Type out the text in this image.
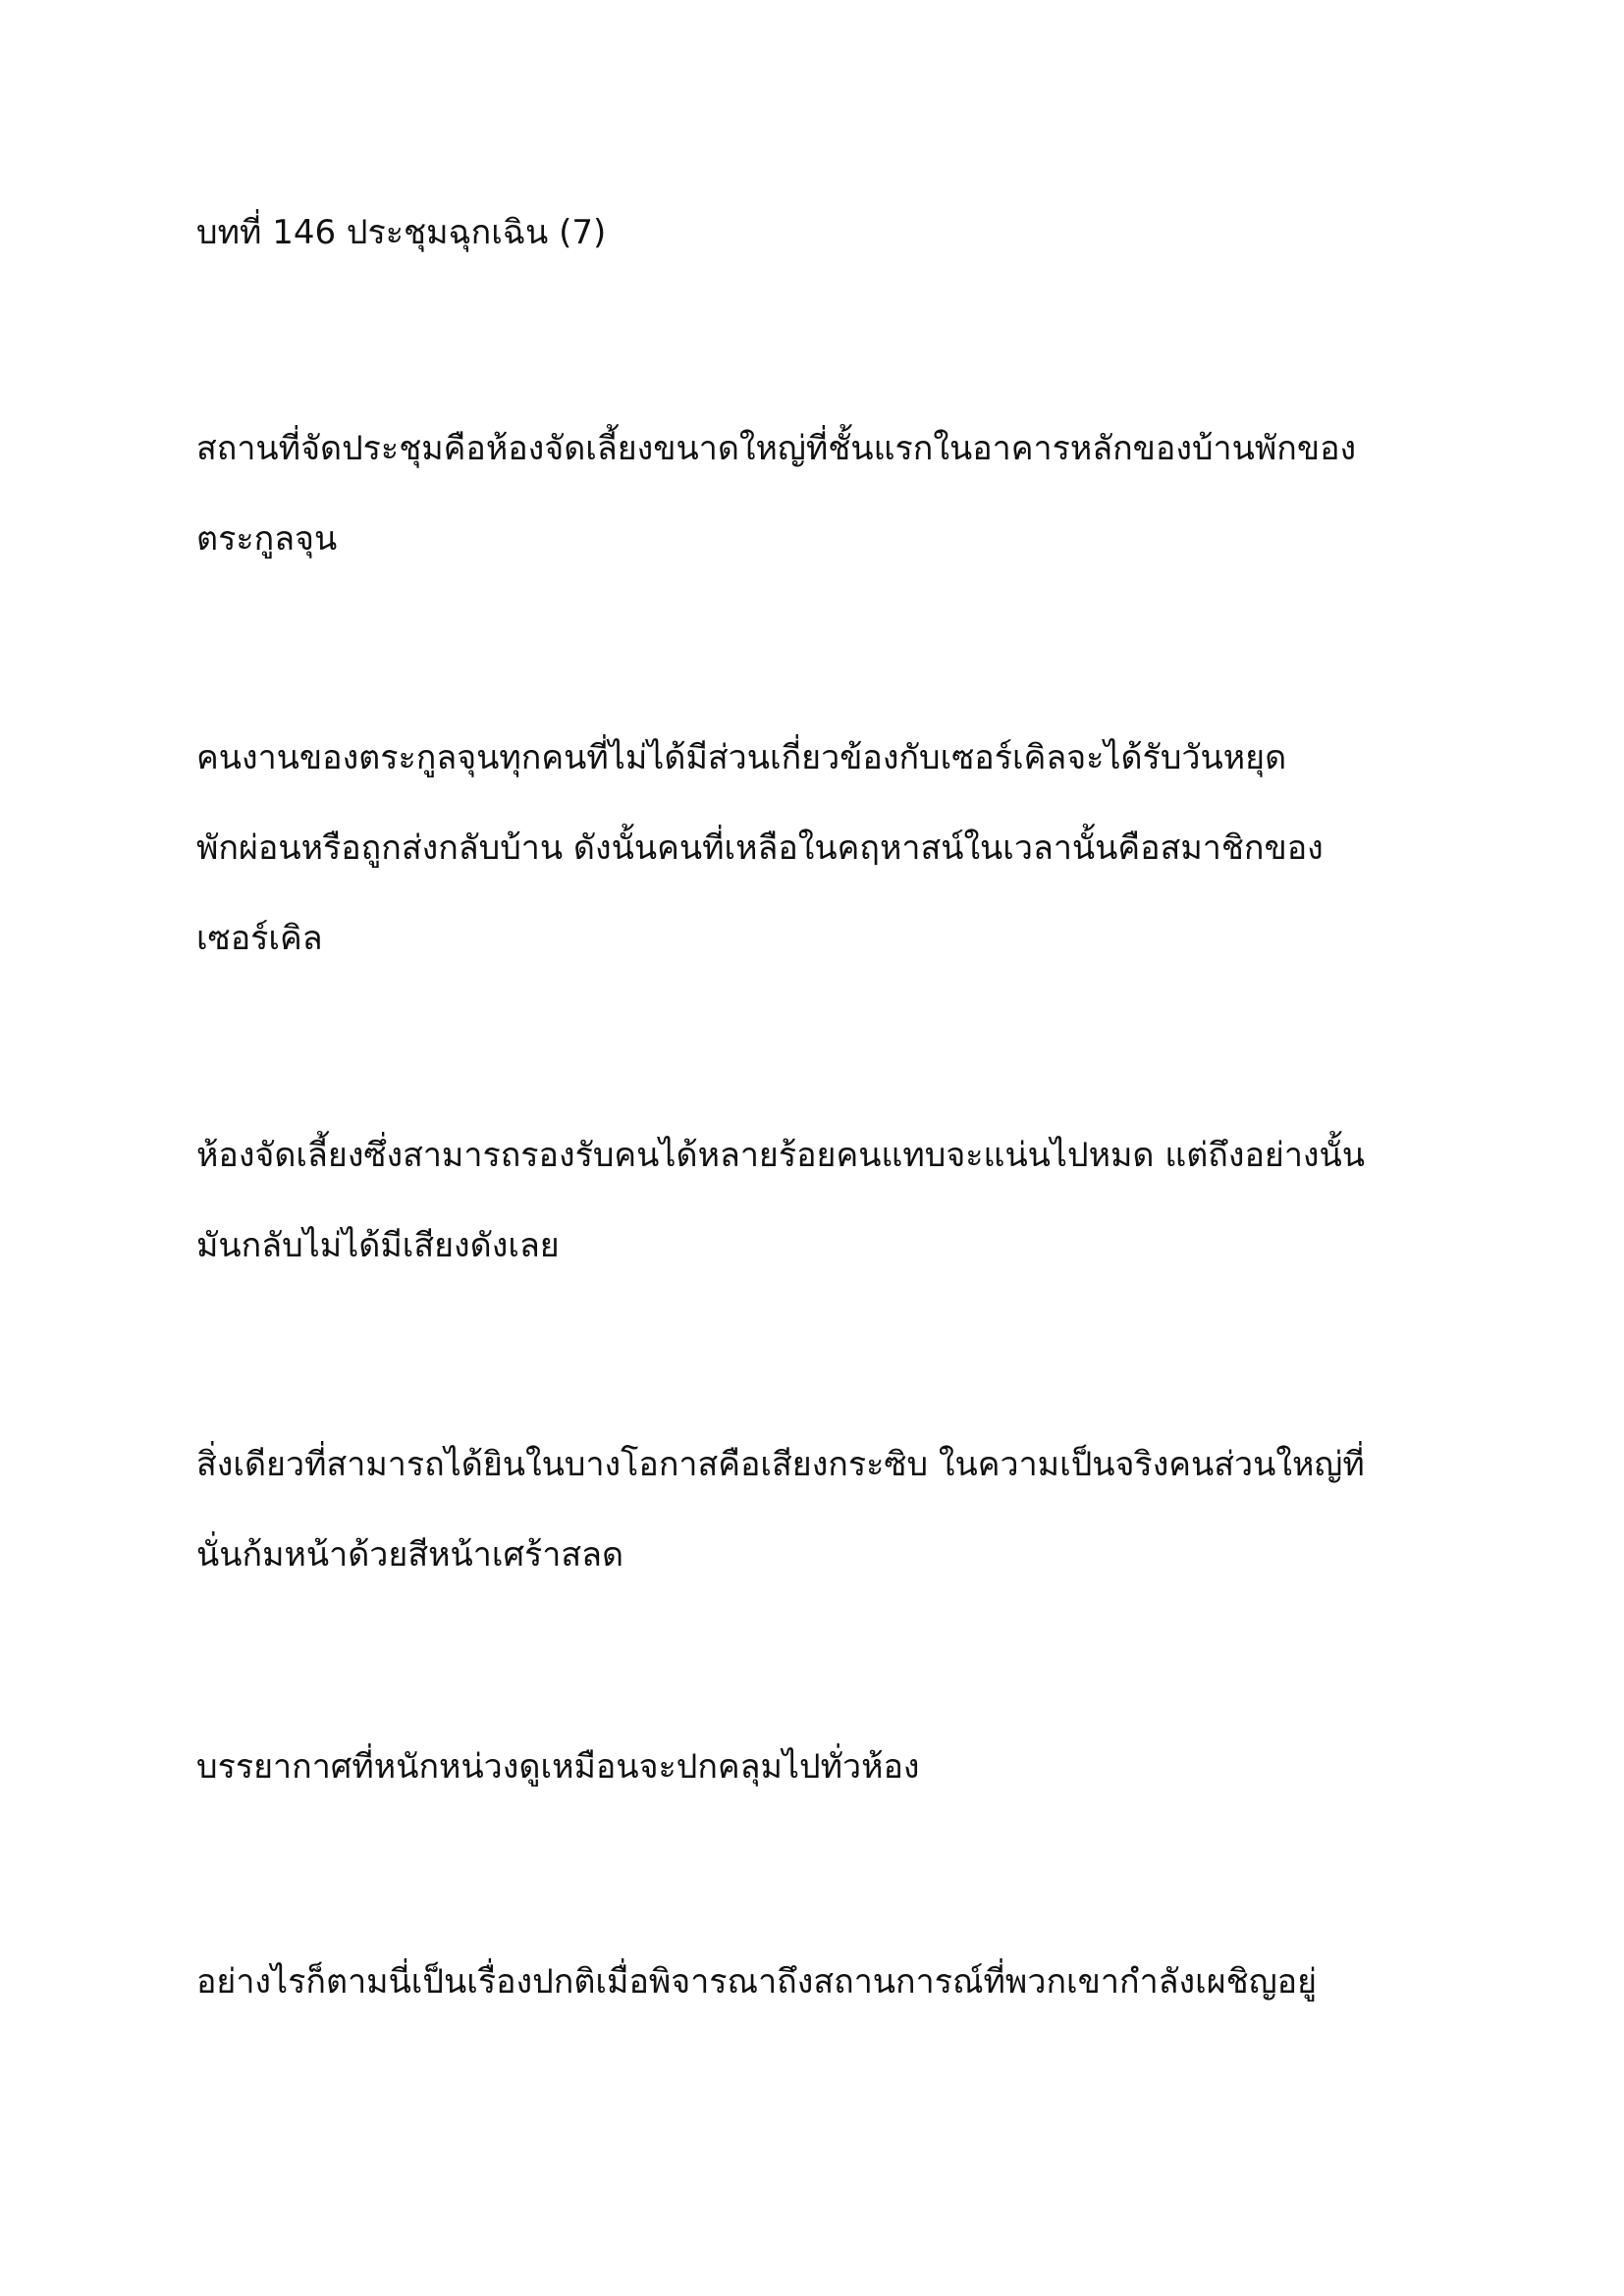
บทที่ 146 ประชุมฉุกเฉิน (7)
สถานที่จัดประชุมคือห้องจัดเลี้ยงขนาดใหญ่ที่ชั้นแรกในอาคารหลักของบ้านพักของ
ตระกูลจุน
คนงานของตระกูลจุนทุกคนที่ไม่ได้มีส่วนเกี่ยวข้องกับเซอร์เคิลจะได้รับวันหยุด
พักผ่อนหรือถูกส่งกลับบ้าน ดังนั้นคนที่เหลือในคฤหาสน์ในเวลานั้นคือสมาชิกของ
เซอร์เคิล
ห้องจัดเลี้ยงซึ่งสามารถรองรับคนได้หลายร้อยคนแทบจะแน่นไปหมด แต่ถึงอย่างนั้น
มันกลับไม่ได้มีเสียงดังเลย
สิ่งเดียวที่สามารถได้ยินในบางโอกาสคือเสียงกระซิบ ในความเป็นจริงคนส่วนใหญ่ที่
นั่นก้มหน้าด้วยสีหน้าเศร้าสลด
บรรยากาศที่หนักหน่วงดูเหมือนจะปกคลุมไปทั่วห้อง
อย่างไรก็ตามนี่เป็นเรื่องปกติเมื่อพิจารณาถึงสถานการณ์ที่พวกเขากำลังเผชิญอยู่
